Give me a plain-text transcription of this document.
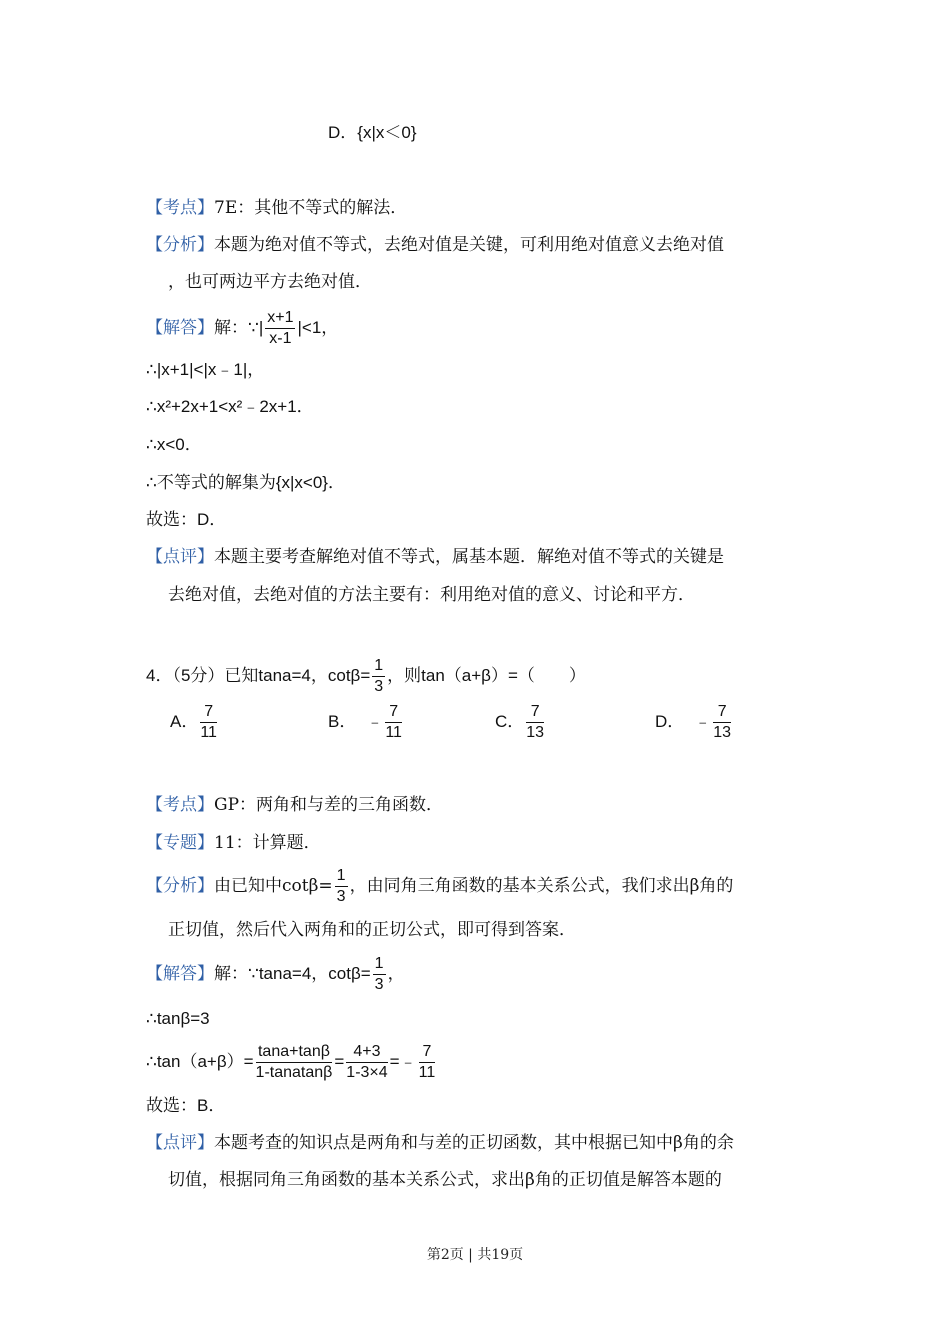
D．{x|x＜0}
【考点】7E：其他不等式的解法．
【分析】本题为绝对值不等式，去绝对值是关键，可利用绝对值意义去绝对值
，也可两边平方去绝对值．
【解答】解：∵| $\frac{x+1}{x-1} |<1$，
∴|x+1|<|x﹣1|，
∴x²+2x+1<x²﹣2x+1．
∴x<0．
∴不等式的解集为{x|x<0}．
故选：D．
【点评】本题主要考查解绝对值不等式，属基本题．解绝对值不等式的关键是
去绝对值，去绝对值的方法主要有：利用绝对值的意义、讨论和平方．
4．（5分）已知tana=4，$\cot\beta= \frac{1}{3}$ ，则tan（a+β）=（　　）
A． $\frac{7}{11}$	B． ﹣ $\frac{7}{11}$	C． $\frac{7}{13}$	D． ﹣ $\frac{7}{13}$
【考点】GP：两角和与差的三角函数．
【专题】11：计算题．
【分析】由已知中$\cot\beta= \frac{1}{3}$ ，由同角三角函数的基本关系公式，我们求出β角的
正切值，然后代入两角和的正切公式，即可得到答案．
【解答】解：∵tana=4，$\cot\beta= \frac{1}{3}$ ，
∴tanβ=3
∴tan（a+β）= $\frac{\tan a+\tan\beta}{\text{1-tanatanβ}} = \frac{4+3}{1-3\times 4}$ =﹣ $\frac{7}{11}$
故选：B．
【点评】本题考查的知识点是两角和与差的正切函数，其中根据已知中β角的余
切值，根据同角三角函数的基本关系公式，求出β角的正切值是解答本题的
第2页 | 共19页
